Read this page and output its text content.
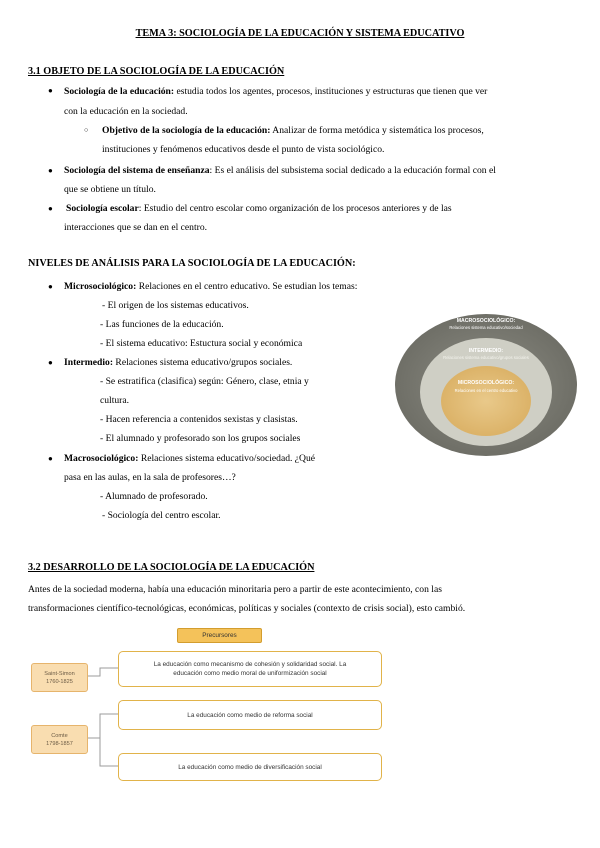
TEMA 3: SOCIOLOGÍA DE LA EDUCACIÓN Y SISTEMA EDUCATIVO
3.1 OBJETO DE LA SOCIOLOGÍA DE LA EDUCACIÓN
● Sociología de la educación: estudia todos los agentes, procesos, instituciones y estructuras que tienen que ver
con la educación en la sociedad.
○ Objetivo de la sociología de la educación: Analizar de forma metódica y sistemática los procesos,
instituciones y fenómenos educativos desde el punto de vista sociológico.
● Sociología del sistema de enseñanza: Es el análisis del subsistema social dedicado a la educación formal con el
que se obtiene un título.
● Sociología escolar: Estudio del centro escolar como organización de los procesos anteriores y de las
interacciones que se dan en el centro.
NIVELES DE ANÁLISIS PARA LA SOCIOLOGÍA DE LA EDUCACIÓN:
● Microsociológico: Relaciones en el centro educativo. Se estudian los temas:
- El origen de los sistemas educativos.
- Las funciones de la educación.
- El sistema educativo: Estuctura social y económica
● Intermedio: Relaciones sistema educativo/grupos sociales.
- Se estratifica (clasifica) según: Género, clase, etnia y
cultura.
- Hacen referencia a contenidos sexistas y clasistas.
- El alumnado y profesorado son los grupos sociales
● Macrosociológico: Relaciones sistema educativo/sociedad. ¿Qué
pasa en las aulas, en la sala de profesores…?
- Alumnado de profesorado.
- Sociología del centro escolar.
MACROSOCIOLÓGICO:
Relaciones sistema educativo/sociedad
INTERMEDIO:
Relaciones sistema educativo/grupos sociales
MICROSOCIOLÓGICO:
Relaciones en el centro educativo
3.2 DESARROLLO DE LA SOCIOLOGÍA DE LA EDUCACIÓN
Antes de la sociedad moderna, había una educación minoritaria pero a partir de este acontecimiento, con las
transformaciones científico-tecnológicas, económicas, políticas y sociales (contexto de crisis social), esto cambió.
Precursores
Saint-Simon
1760-1825
Comte
1798-1857
La educación como mecanismo de cohesión y solidaridad social. La
educación como medio moral de uniformización social
La educación como medio de reforma social
La educación como medio de diversificación social
